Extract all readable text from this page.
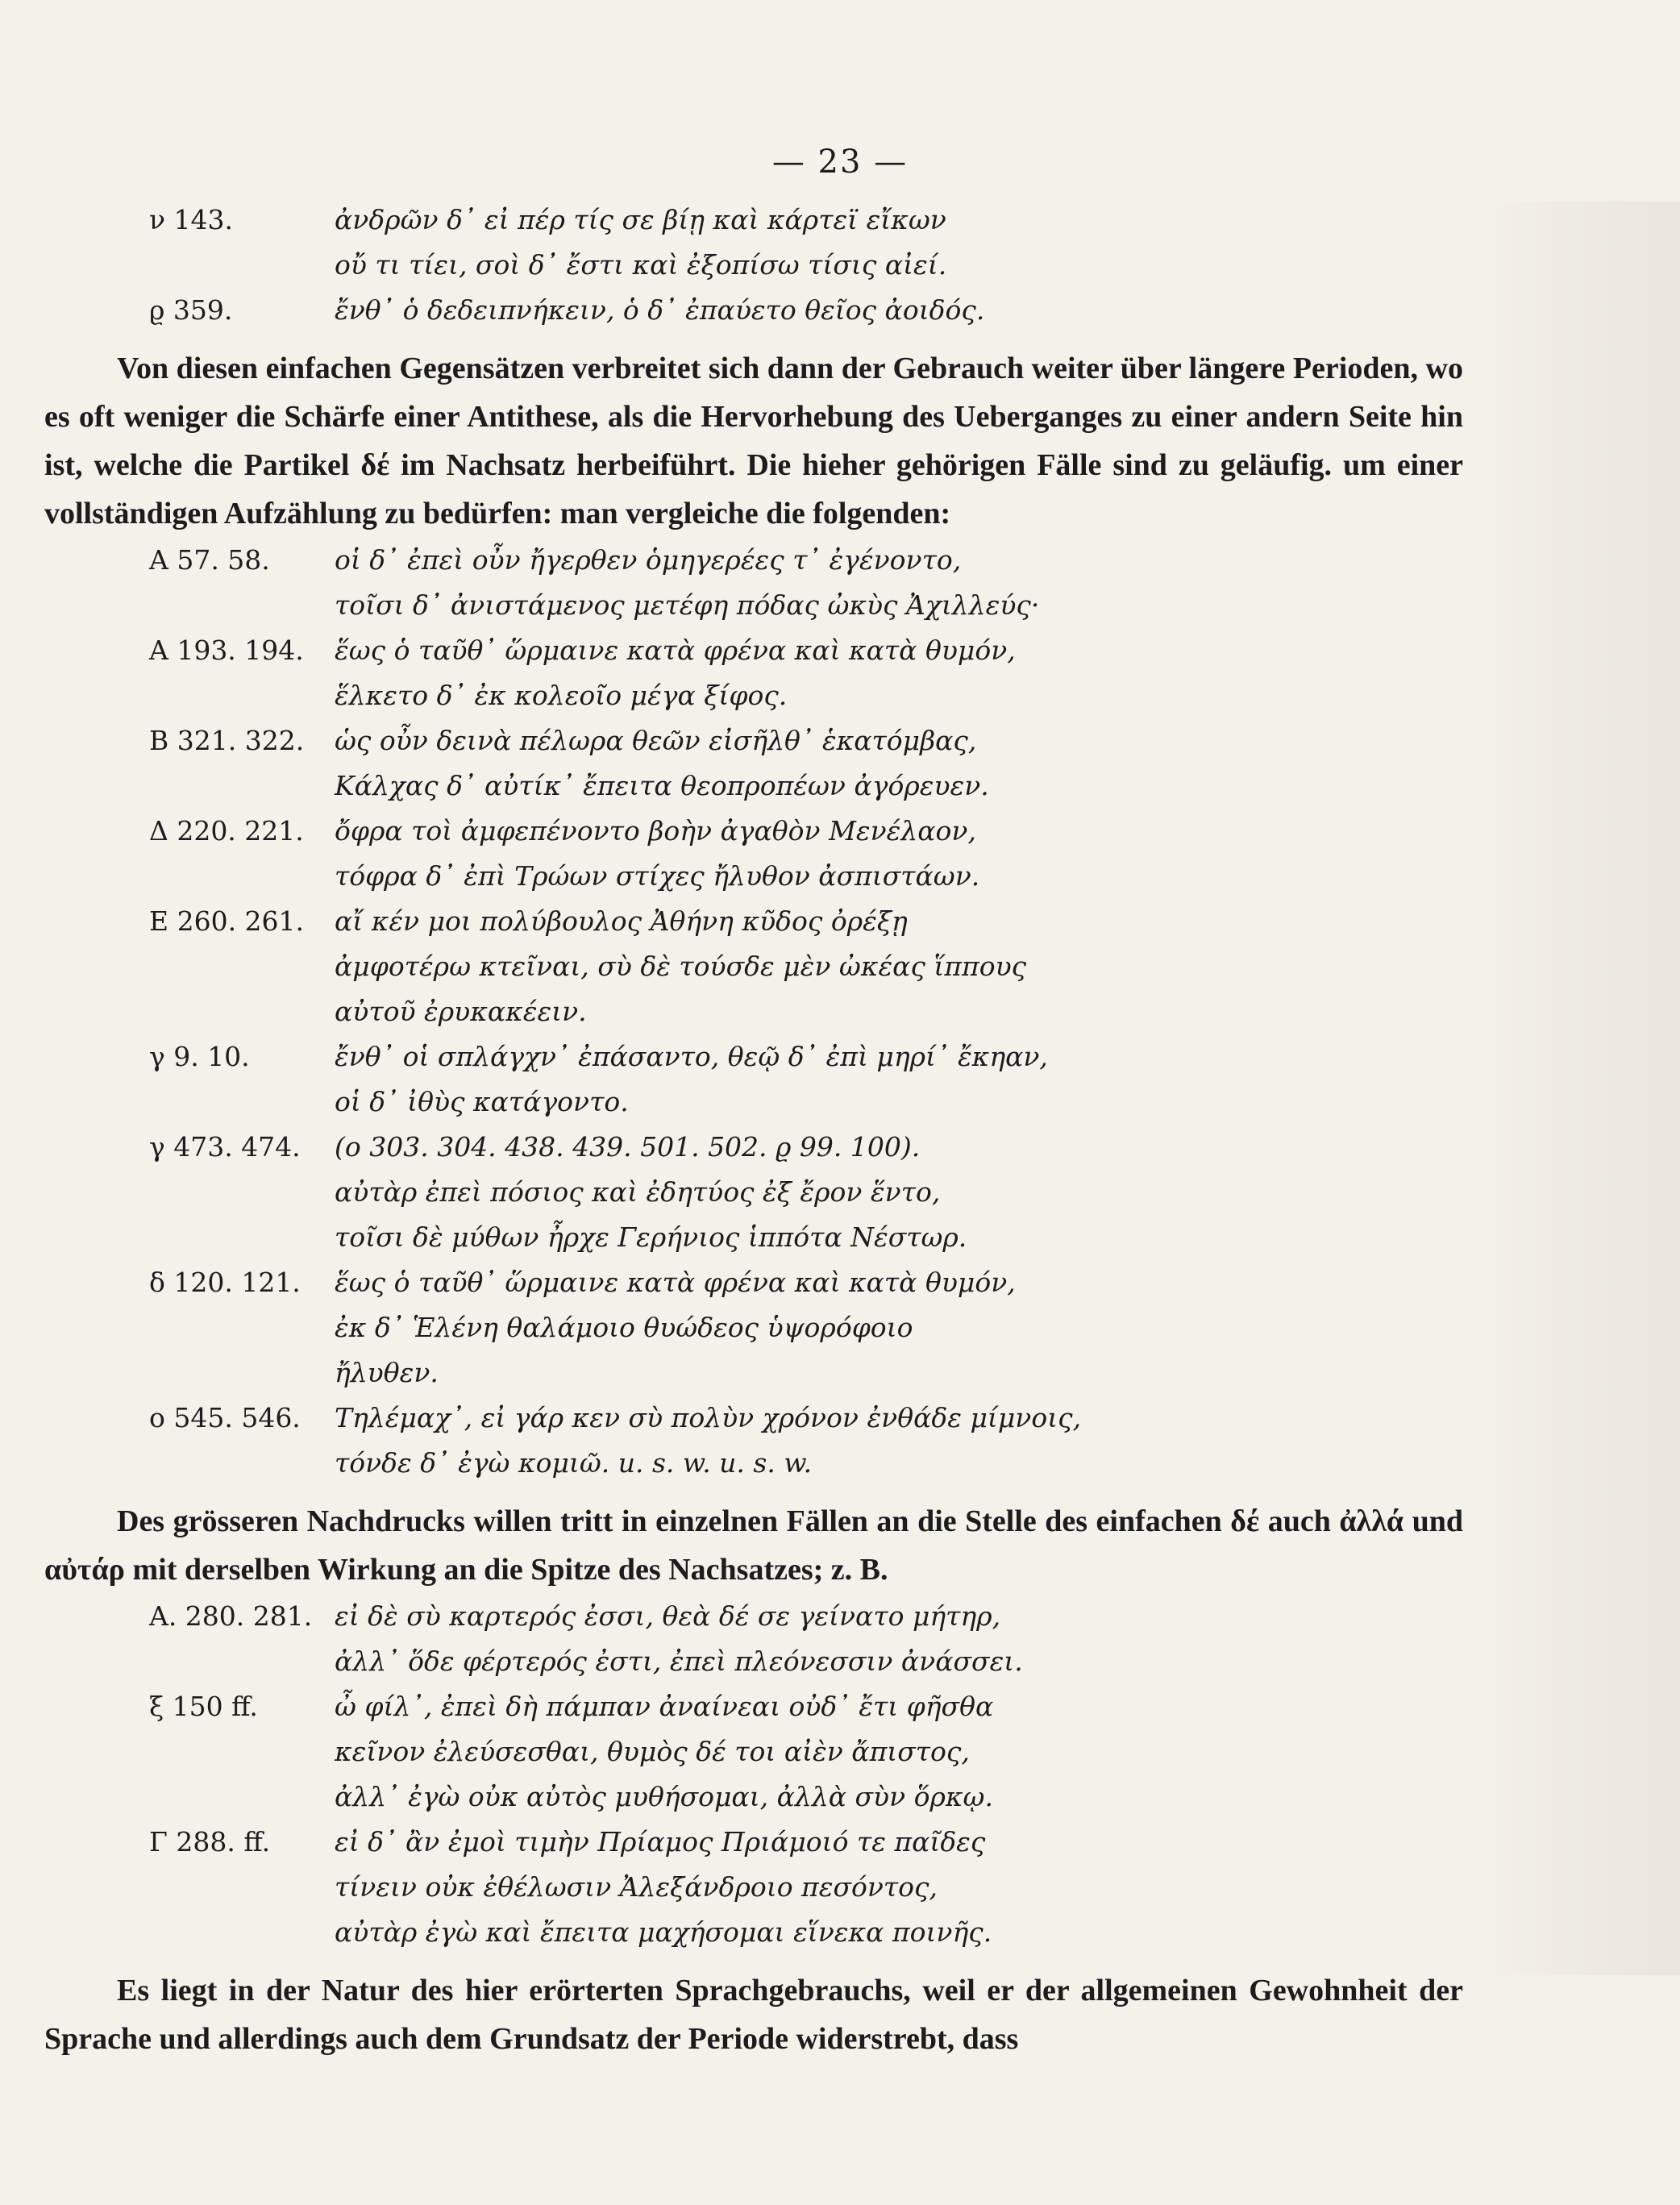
— 23 —
ν 143.	ἀνδρῶν δ᾽ εἰ πέρ τίς σε βίῃ καὶ κάρτεϊ εἴκων
οὔ τι τίει, σοὶ δ᾽ ἔστι καὶ ἐξοπίσω τίσις αἰεί.
ϱ 359.	ἔνθ᾽ ὁ δεδειπνήκειν, ὁ δ᾽ ἐπαύετο θεῖος ἀοιδός.
Von diesen einfachen Gegensätzen verbreitet sich dann der Gebrauch weiter über längere Perioden, wo es oft weniger die Schärfe einer Antithese, als die Hervorhebung des Ueberganges zu einer andern Seite hin ist, welche die Partikel δέ im Nachsatz herbeiführt. Die hieher gehörigen Fälle sind zu geläufig. um einer vollständigen Aufzählung zu bedürfen: man vergleiche die folgenden:
Α 57. 58.	οἱ δ᾽ ἐπεὶ οὖν ἤγερθεν ὁμηγερέες τ᾽ ἐγένοντο,
τοῖσι δ᾽ ἀνιστάμενος μετέφη πόδας ὠκὺς Ἀχιλλεύς·
Α 193. 194.	ἕως ὁ ταῦθ᾽ ὥρμαινε κατὰ φρένα καὶ κατὰ θυμόν,
ἕλκετο δ᾽ ἐκ κολεοῖο μέγα ξίφος.
Β 321. 322.	ὡς οὖν δεινὰ πέλωρα θεῶν εἰσῆλθ᾽ ἑκατόμβας,
Κάλχας δ᾽ αὐτίκ᾽ ἔπειτα θεοπροπέων ἀγόρευεν.
Δ 220. 221.	ὄφρα τοὶ ἀμφεπένοντο βοὴν ἀγαθὸν Μενέλαον,
τόφρα δ᾽ ἐπὶ Τρώων στίχες ἤλυθον ἀσπιστάων.
Ε 260. 261.	αἴ κέν μοι πολύβουλος Ἀθήνη κῦδος ὀρέξῃ
ἀμφοτέρω κτεῖναι, σὺ δὲ τούσδε μὲν ὠκέας ἵππους
αὐτοῦ ἐρυκακέειν.
γ 9. 10.	ἔνθ᾽ οἱ σπλάγχν᾽ ἐπάσαντο, θεῷ δ᾽ ἐπὶ μηρί᾽ ἔκηαν,
οἱ δ᾽ ἰθὺς κατάγοντο.
γ 473. 474.	(ο 303. 304. 438. 439. 501. 502. ϱ 99. 100).
αὐτὰρ ἐπεὶ πόσιος καὶ ἐδητύος ἐξ ἔρον ἕντο,
τοῖσι δὲ μύθων ἦρχε Γερήνιος ἱππότα Νέστωρ.
δ 120. 121.	ἕως ὁ ταῦθ᾽ ὥρμαινε κατὰ φρένα καὶ κατὰ θυμόν,
ἐκ δ᾽ Ἑλένη θαλάμοιο θυώδεος ὑψορόφοιο
ἤλυθεν.
ο 545. 546.	Τηλέμαχ᾽, εἰ γάρ κεν σὺ πολὺν χρόνον ἐνθάδε μίμνοις,
τόνδε δ᾽ ἐγὼ κομιῶ. u. s. w. u. s. w.
Des grösseren Nachdrucks willen tritt in einzelnen Fällen an die Stelle des einfachen δέ auch ἀλλά und αὐτάρ mit derselben Wirkung an die Spitze des Nachsatzes; z. B.
Α. 280. 281. εἰ δὲ σὺ καρτερός ἐσσι, θεὰ δέ σε γείνατο μήτηρ,
ἀλλ᾽ ὅδε φέρτερός ἐστι, ἐπεὶ πλεόνεσσιν ἀνάσσει.
ξ 150 ff.	ὦ φίλ᾽, ἐπεὶ δὴ πάμπαν ἀναίνεαι οὐδ᾽ ἔτι φῆσθα
κεῖνον ἐλεύσεσθαι, θυμὸς δέ τοι αἰὲν ἄπιστος,
ἀλλ᾽ ἐγὼ οὐκ αὐτὸς μυθήσομαι, ἀλλὰ σὺν ὅρκῳ.
Γ 288. ff.	εἰ δ᾽ ἂν ἐμοὶ τιμὴν Πρίαμος Πριάμοιό τε παῖδες
τίνειν οὐκ ἐθέλωσιν Ἀλεξάνδροιο πεσόντος,
αὐτὰρ ἐγὼ καὶ ἔπειτα μαχήσομαι εἵνεκα ποινῆς.
Es liegt in der Natur des hier erörterten Sprachgebrauchs, weil er der allgemeinen Gewohnheit der Sprache und allerdings auch dem Grundsatz der Periode widerstrebt, dass
